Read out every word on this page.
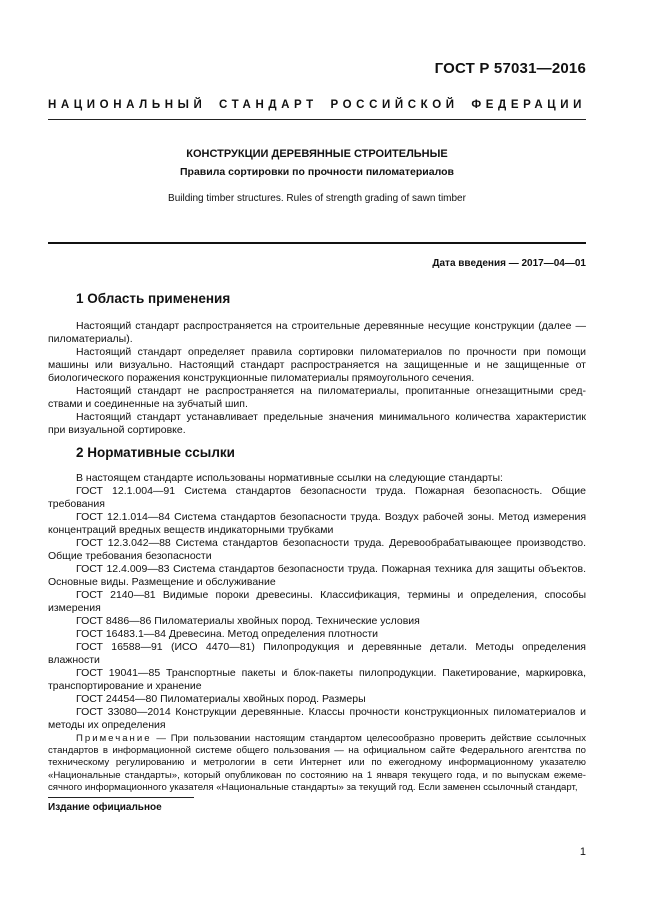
ГОСТ Р 57031—2016
НАЦИОНАЛЬНЫЙ СТАНДАРТ РОССИЙСКОЙ ФЕДЕРАЦИИ
КОНСТРУКЦИИ ДЕРЕВЯННЫЕ СТРОИТЕЛЬНЫЕ
Правила сортировки по прочности пиломатериалов
Building timber structures. Rules of strength grading of sawn timber
Дата введения — 2017—04—01
1 Область применения
Настоящий стандарт распространяется на строительные деревянные несущие конструкции (далее — пиломатериалы).
Настоящий стандарт определяет правила сортировки пиломатериалов по прочности при помощи машины или визуально. Настоящий стандарт распространяется на защищенные и не защищенные от биологического поражения конструкционные пиломатериалы прямоугольного сечения.
Настоящий стандарт не распространяется на пиломатериалы, пропитанные огнезащитными средствами и соединенные на зубчатый шип.
Настоящий стандарт устанавливает предельные значения минимального количества характеристик при визуальной сортировке.
2 Нормативные ссылки
В настоящем стандарте использованы нормативные ссылки на следующие стандарты:
ГОСТ 12.1.004—91 Система стандартов безопасности труда. Пожарная безопасность. Общие требования
ГОСТ 12.1.014—84 Система стандартов безопасности труда. Воздух рабочей зоны. Метод измерения концентраций вредных веществ индикаторными трубками
ГОСТ 12.3.042—88 Система стандартов безопасности труда. Деревообрабатывающее производство. Общие требования безопасности
ГОСТ 12.4.009—83 Система стандартов безопасности труда. Пожарная техника для защиты объектов. Основные виды. Размещение и обслуживание
ГОСТ 2140—81 Видимые пороки древесины. Классификация, термины и определения, способы измерения
ГОСТ 8486—86 Пиломатериалы хвойных пород. Технические условия
ГОСТ 16483.1—84 Древесина. Метод определения плотности
ГОСТ 16588—91 (ИСО 4470—81) Пилопродукция и деревянные детали. Методы определения влажности
ГОСТ 19041—85 Транспортные пакеты и блок-пакеты пилопродукции. Пакетирование, маркировка, транспортирование и хранение
ГОСТ 24454—80 Пиломатериалы хвойных пород. Размеры
ГОСТ 33080—2014 Конструкции деревянные. Классы прочности конструкционных пиломатериалов и методы их определения
Примечание — При пользовании настоящим стандартом целесообразно проверить действие ссылочных стандартов в информационной системе общего пользования — на официальном сайте Федерального агентства по техническому регулированию и метрологии в сети Интернет или по ежегодному информационному указателю «Национальные стандарты», который опубликован по состоянию на 1 января текущего года, и по выпускам ежемесячного информационного указателя «Национальные стандарты» за текущий год. Если заменен ссылочный стандарт,
Издание официальное
1
